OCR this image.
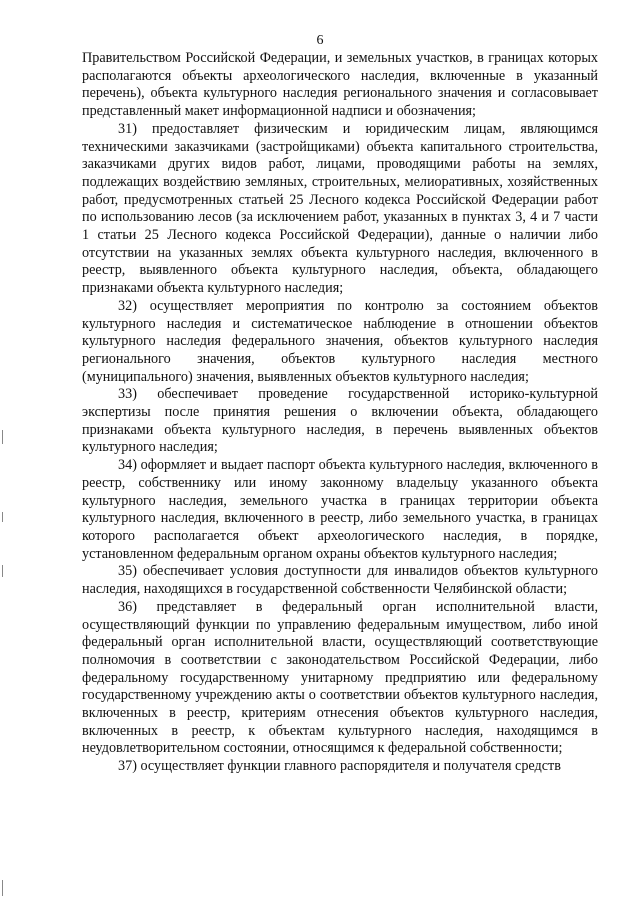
6

Правительством Российской Федерации, и земельных участков, в границах которых располагаются объекты археологического наследия, включенные в указанный перечень), объекта культурного наследия регионального значения и согласовывает представленный макет информационной надписи и обозначения;

31) предоставляет физическим и юридическим лицам, являющимся техническими заказчиками (застройщиками) объекта капитального строительства, заказчиками других видов работ, лицами, проводящими работы на землях, подлежащих воздействию земляных, строительных, мелиоративных, хозяйственных работ, предусмотренных статьей 25 Лесного кодекса Российской Федерации работ по использованию лесов (за исключением работ, указанных в пунктах 3, 4 и 7 части 1 статьи 25 Лесного кодекса Российской Федерации), данные о наличии либо отсутствии на указанных землях объекта культурного наследия, включенного в реестр, выявленного объекта культурного наследия, объекта, обладающего признаками объекта культурного наследия;

32) осуществляет мероприятия по контролю за состоянием объектов культурного наследия и систематическое наблюдение в отношении объектов культурного наследия федерального значения, объектов культурного наследия регионального значения, объектов культурного наследия местного (муниципального) значения, выявленных объектов культурного наследия;

33) обеспечивает проведение государственной историко-культурной экспертизы после принятия решения о включении объекта, обладающего признаками объекта культурного наследия, в перечень выявленных объектов культурного наследия;

34) оформляет и выдает паспорт объекта культурного наследия, включенного в реестр, собственнику или иному законному владельцу указанного объекта культурного наследия, земельного участка в границах территории объекта культурного наследия, включенного в реестр, либо земельного участка, в границах которого располагается объект археологического наследия, в порядке, установленном федеральным органом охраны объектов культурного наследия;

35) обеспечивает условия доступности для инвалидов объектов культурного наследия, находящихся в государственной собственности Челябинской области;

36) представляет в федеральный орган исполнительной власти, осуществляющий функции по управлению федеральным имуществом, либо иной федеральный орган исполнительной власти, осуществляющий соответствующие полномочия в соответствии с законодательством Российской Федерации, либо федеральному государственному унитарному предприятию или федеральному государственному учреждению акты о соответствии объектов культурного наследия, включенных в реестр, критериям отнесения объектов культурного наследия, включенных в реестр, к объектам культурного наследия, находящимся в неудовлетворительном состоянии, относящимся к федеральной собственности;

37) осуществляет функции главного распорядителя и получателя средств
